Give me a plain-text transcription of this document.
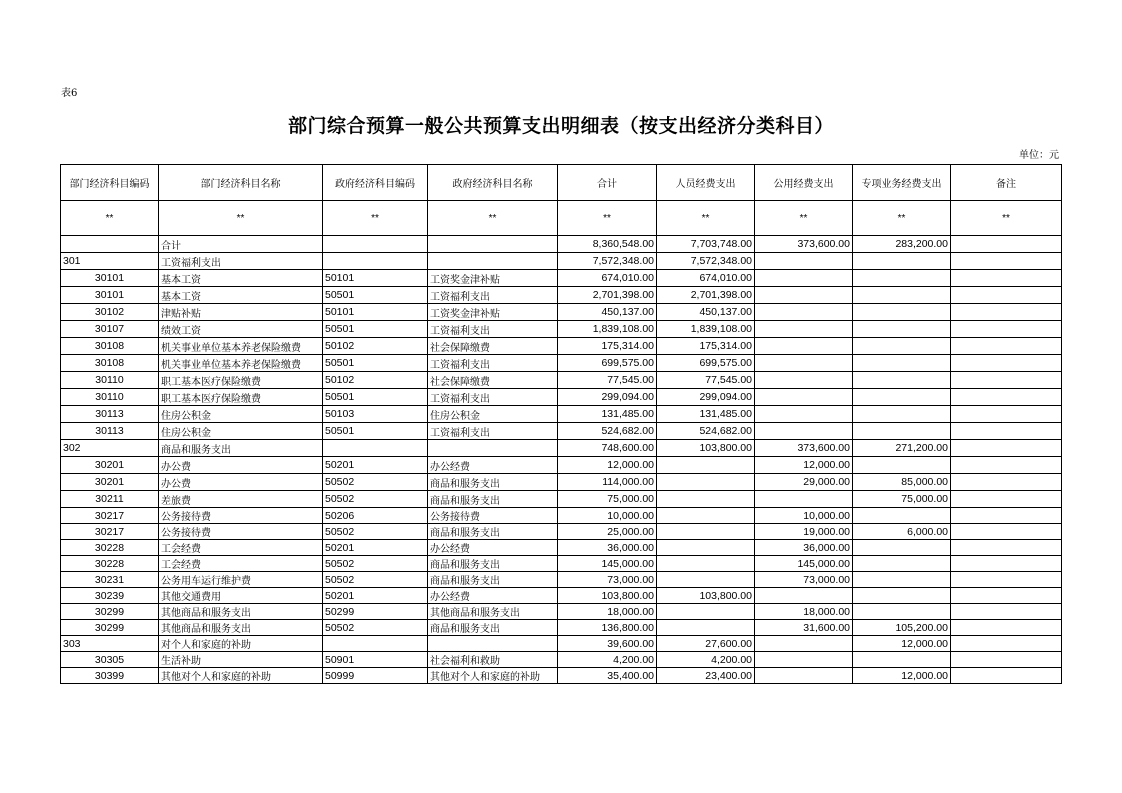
表6
部门综合预算一般公共预算支出明细表（按支出经济分类科目）
单位：元
部门经济科目编码	部门经济科目名称	政府经济科目编码	政府经济科目名称	合计	人员经费支出	公用经费支出	专项业务经费支出	备注
**	**	**	**	**	**	**	**	**
	合计			8,360,548.00	7,703,748.00	373,600.00	283,200.00	
301	工资福利支出			7,572,348.00	7,572,348.00			
30101	基本工资	50101	工资奖金津补贴	674,010.00	674,010.00			
30101	基本工资	50501	工资福利支出	2,701,398.00	2,701,398.00			
30102	津贴补贴	50101	工资奖金津补贴	450,137.00	450,137.00			
30107	绩效工资	50501	工资福利支出	1,839,108.00	1,839,108.00			
30108	机关事业单位基本养老保险缴费	50102	社会保障缴费	175,314.00	175,314.00			
30108	机关事业单位基本养老保险缴费	50501	工资福利支出	699,575.00	699,575.00			
30110	职工基本医疗保险缴费	50102	社会保障缴费	77,545.00	77,545.00			
30110	职工基本医疗保险缴费	50501	工资福利支出	299,094.00	299,094.00			
30113	住房公积金	50103	住房公积金	131,485.00	131,485.00			
30113	住房公积金	50501	工资福利支出	524,682.00	524,682.00			
302	商品和服务支出			748,600.00	103,800.00	373,600.00	271,200.00	
30201	办公费	50201	办公经费	12,000.00		12,000.00		
30201	办公费	50502	商品和服务支出	114,000.00		29,000.00	85,000.00	
30211	差旅费	50502	商品和服务支出	75,000.00			75,000.00	
30217	公务接待费	50206	公务接待费	10,000.00		10,000.00		
30217	公务接待费	50502	商品和服务支出	25,000.00		19,000.00	6,000.00	
30228	工会经费	50201	办公经费	36,000.00		36,000.00		
30228	工会经费	50502	商品和服务支出	145,000.00		145,000.00		
30231	公务用车运行维护费	50502	商品和服务支出	73,000.00		73,000.00		
30239	其他交通费用	50201	办公经费	103,800.00	103,800.00			
30299	其他商品和服务支出	50299	其他商品和服务支出	18,000.00		18,000.00		
30299	其他商品和服务支出	50502	商品和服务支出	136,800.00		31,600.00	105,200.00	
303	对个人和家庭的补助			39,600.00	27,600.00		12,000.00	
30305	生活补助	50901	社会福利和救助	4,200.00	4,200.00			
30399	其他对个人和家庭的补助	50999	其他对个人和家庭的补助	35,400.00	23,400.00		12,000.00	
